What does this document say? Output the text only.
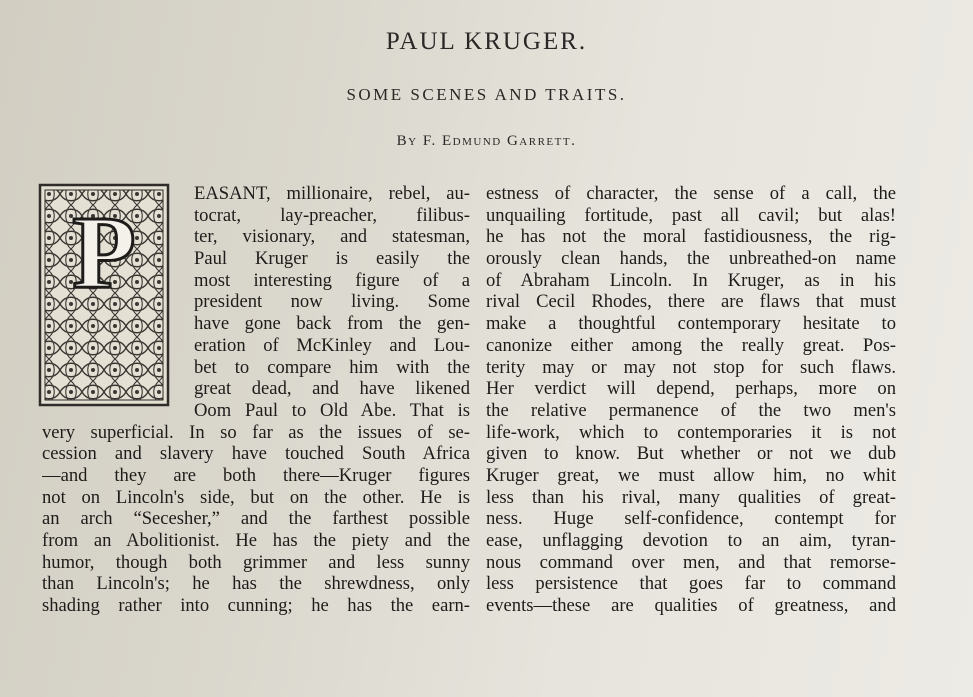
PAUL KRUGER.
SOME SCENES AND TRAITS.
By F. Edmund Garrett.
P
EASANT, millionaire, rebel, au-
tocrat, lay-preacher, filibus-
ter, visionary, and statesman,
Paul Kruger is easily the
most interesting figure of a
president now living. Some
have gone back from the gen-
eration of McKinley and Lou-
bet to compare him with the
great dead, and have likened
Oom Paul to Old Abe. That is
very superficial. In so far as the issues of se-
cession and slavery have touched South Africa
—and they are both there—Kruger figures
not on Lincoln's side, but on the other. He is
an arch “Secesher,” and the farthest possible
from an Abolitionist. He has the piety and the
humor, though both grimmer and less sunny
than Lincoln's; he has the shrewdness, only
shading rather into cunning; he has the earn-
estness of character, the sense of a call, the
unquailing fortitude, past all cavil; but alas!
he has not the moral fastidiousness, the rig-
orously clean hands, the unbreathed-on name
of Abraham Lincoln. In Kruger, as in his
rival Cecil Rhodes, there are flaws that must
make a thoughtful contemporary hesitate to
canonize either among the really great. Pos-
terity may or may not stop for such flaws.
Her verdict will depend, perhaps, more on
the relative permanence of the two men's
life-work, which to contemporaries it is not
given to know. But whether or not we dub
Kruger great, we must allow him, no whit
less than his rival, many qualities of great-
ness. Huge self-confidence, contempt for
ease, unflagging devotion to an aim, tyran-
nous command over men, and that remorse-
less persistence that goes far to command
events—these are qualities of greatness, and
